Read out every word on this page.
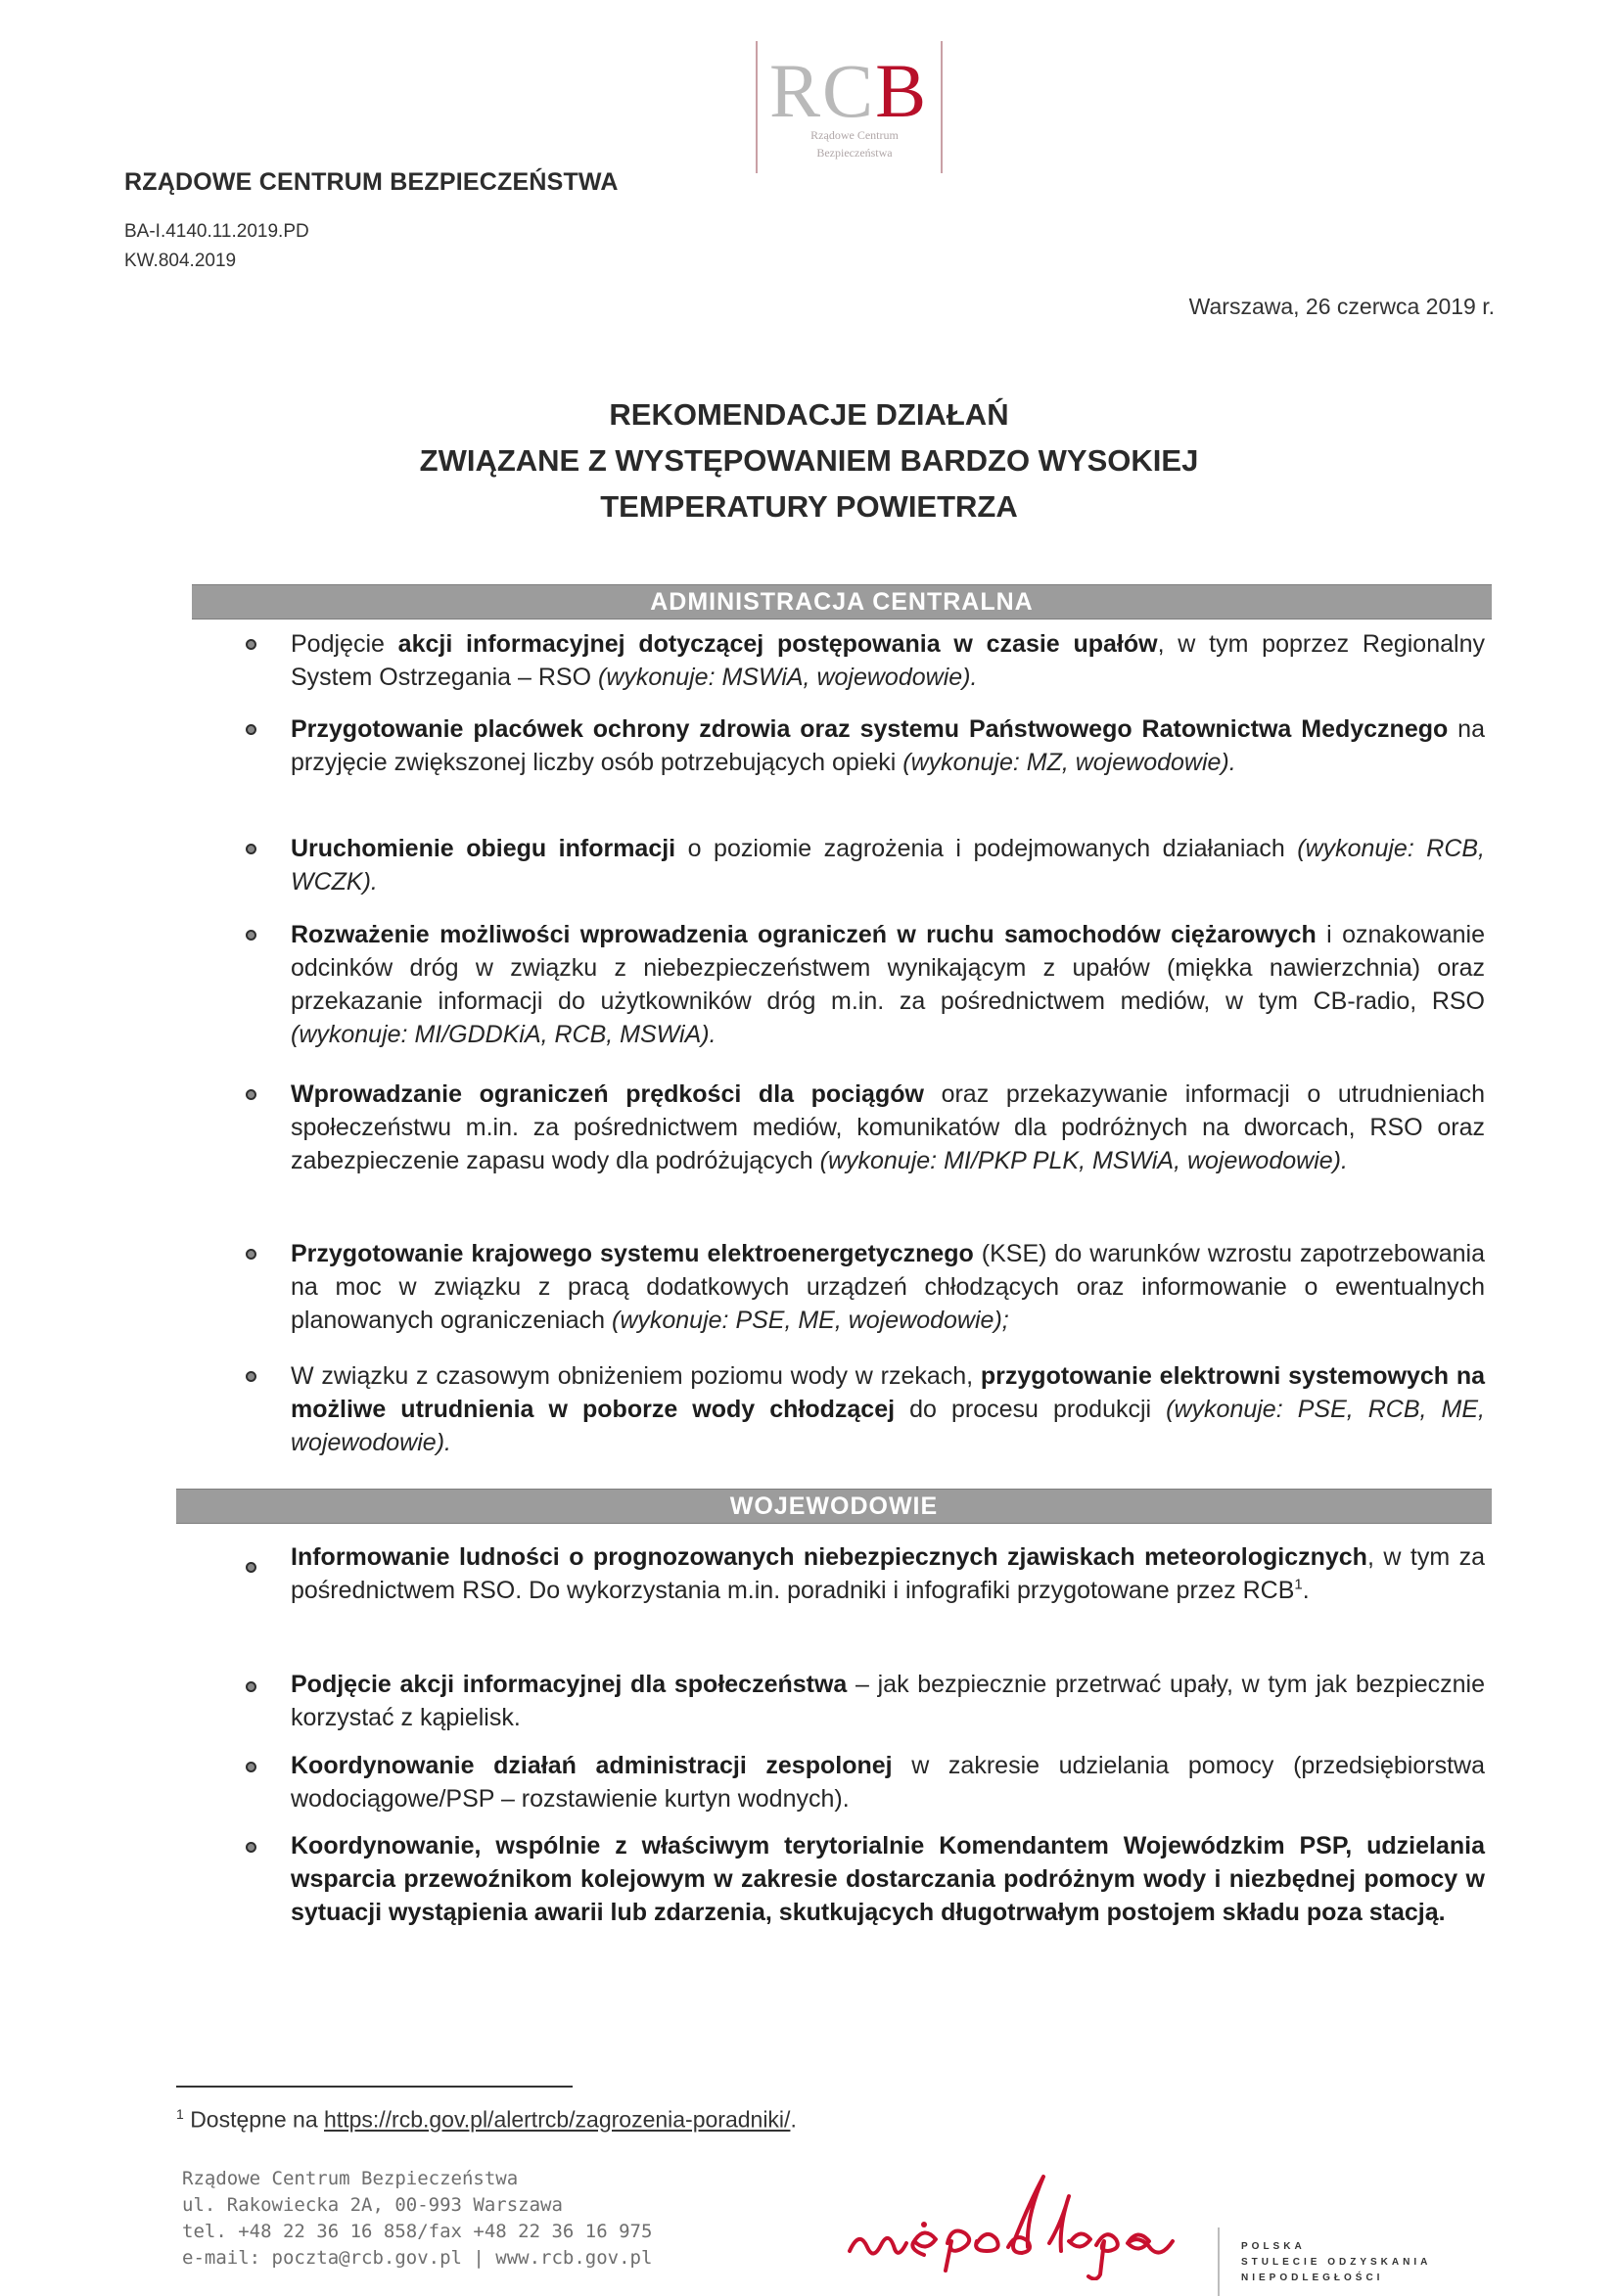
RCB
Rządowe Centrum
Bezpieczeństwa
RZĄDOWE CENTRUM BEZPIECZEŃSTWA
BA-I.4140.11.2019.PD
KW.804.2019
Warszawa, 26 czerwca 2019 r.
REKOMENDACJE DZIAŁAŃ
ZWIĄZANE Z WYSTĘPOWANIEM BARDZO WYSOKIEJ
TEMPERATURY POWIETRZA
ADMINISTRACJA CENTRALNA
WOJEWODOWIE
Podjęcie akcji informacyjnej dotyczącej postępowania w czasie upałów, w tym poprzez Regionalny System Ostrzegania – RSO (wykonuje: MSWiA, wojewodowie).
Przygotowanie placówek ochrony zdrowia oraz systemu Państwowego Ratownictwa Medycznego na przyjęcie zwiększonej liczby osób potrzebujących opieki (wykonuje: MZ, wojewodowie).
Uruchomienie obiegu informacji o poziomie zagrożenia i podejmowanych działaniach (wykonuje: RCB, WCZK).
Rozważenie możliwości wprowadzenia ograniczeń w ruchu samochodów ciężarowych i oznakowanie odcinków dróg w związku z niebezpieczeństwem wynikającym z upałów (miękka nawierzchnia) oraz przekazanie informacji do użytkowników dróg m.in. za pośrednictwem mediów, w tym CB-radio, RSO (wykonuje: MI/GDDKiA, RCB, MSWiA).
Wprowadzanie ograniczeń prędkości dla pociągów oraz przekazywanie informacji o utrudnieniach społeczeństwu m.in. za pośrednictwem mediów, komunikatów dla podróżnych na dworcach, RSO oraz zabezpieczenie zapasu wody dla podróżujących (wykonuje: MI/PKP PLK, MSWiA, wojewodowie).
Przygotowanie krajowego systemu elektroenergetycznego (KSE) do warunków wzrostu zapotrzebowania na moc w związku z pracą dodatkowych urządzeń chłodzących oraz informowanie o ewentualnych planowanych ograniczeniach (wykonuje: PSE, ME, wojewodowie);
W związku z czasowym obniżeniem poziomu wody w rzekach, przygotowanie elektrowni systemowych na możliwe utrudnienia w poborze wody chłodzącej do procesu produkcji (wykonuje: PSE, RCB, ME, wojewodowie).
Informowanie ludności o prognozowanych niebezpiecznych zjawiskach meteorologicznych, w tym za pośrednictwem RSO. Do wykorzystania m.in. poradniki i infografiki przygotowane przez RCB$^1$.
Podjęcie akcji informacyjnej dla społeczeństwa – jak bezpiecznie przetrwać upały, w tym jak bezpiecznie korzystać z kąpielisk.
Koordynowanie działań administracji zespolonej w zakresie udzielania pomocy (przedsiębiorstwa wodociągowe/PSP – rozstawienie kurtyn wodnych).
Koordynowanie, wspólnie z właściwym terytorialnie Komendantem Wojewódzkim PSP, udzielania wsparcia przewoźnikom kolejowym w zakresie dostarczania podróżnym wody i niezbędnej pomocy w sytuacji wystąpienia awarii lub zdarzenia, skutkujących długotrwałym postojem składu poza stacją.
$^1$ Dostępne na https://rcb.gov.pl/alertrcb/zagrozenia-poradniki/.
Rządowe Centrum Bezpieczeństwa
ul. Rakowiecka 2A, 00-993 Warszawa
tel. +48 22 36 16 858/fax +48 22 36 16 975
e-mail: poczta@rcb.gov.pl | www.rcb.gov.pl
POLSKA
STULECIE ODZYSKANIA
NIEPODLEGŁOŚCI
